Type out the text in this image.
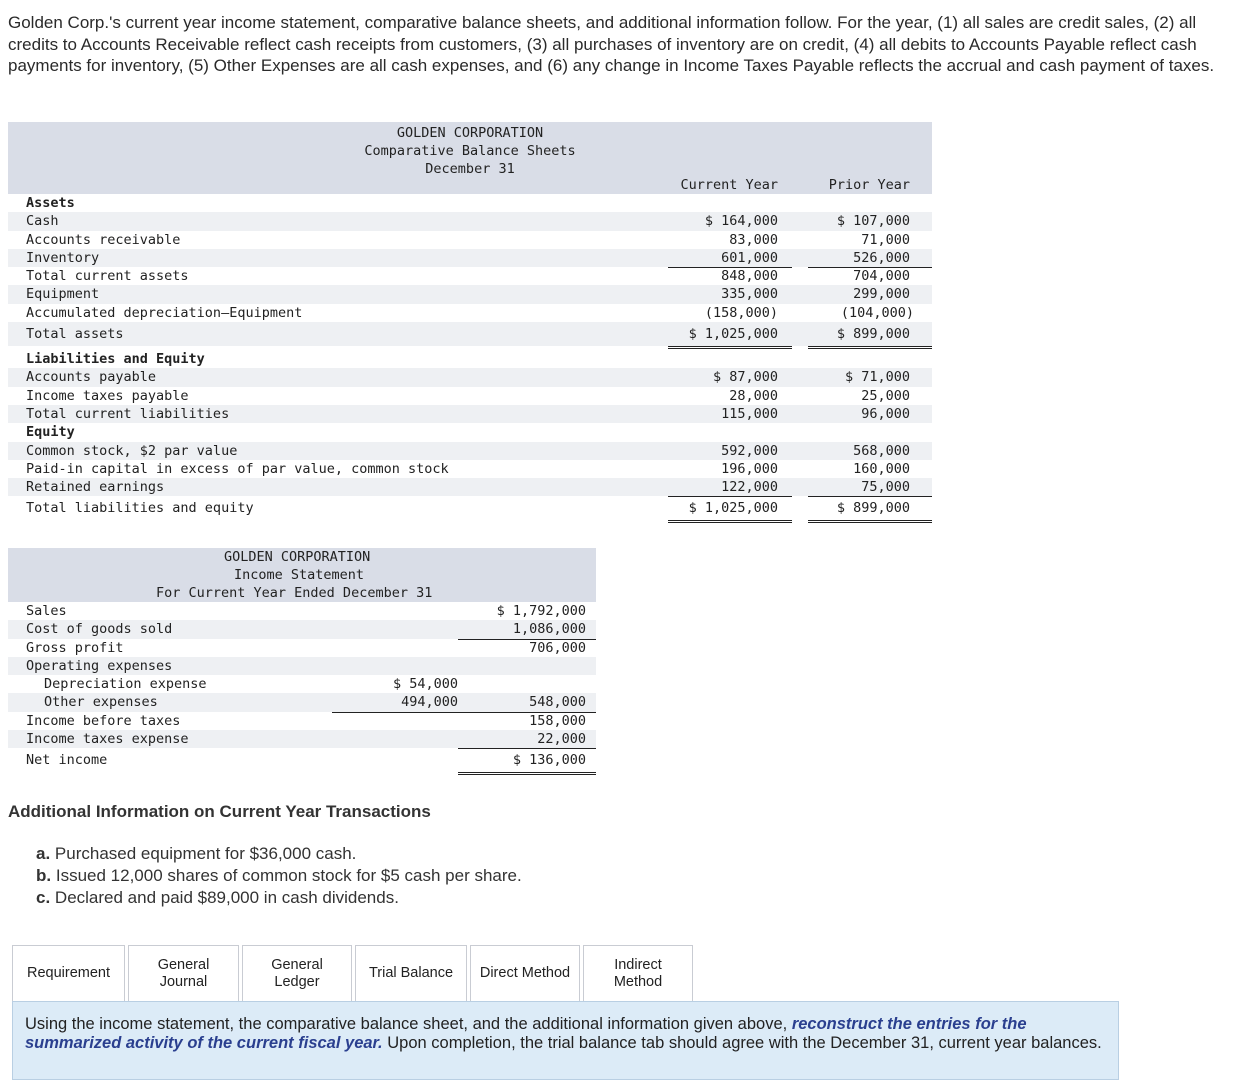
Golden Corp.'s current year income statement, comparative balance sheets, and additional information follow. For the year, (1) all sales are credit sales, (2) all credits to Accounts Receivable reflect cash receipts from customers, (3) all purchases of inventory are on credit, (4) all debits to Accounts Payable reflect cash payments for inventory, (5) Other Expenses are all cash expenses, and (6) any change in Income Taxes Payable reflects the accrual and cash payment of taxes.
GOLDEN CORPORATION
Comparative Balance Sheets
December 31
Current Year	Prior Year
Assets
Cash	$ 164,000	$ 107,000
Accounts receivable	83,000	71,000
Inventory	601,000	526,000
Total current assets	848,000	704,000
Equipment	335,000	299,000
Accumulated depreciation—Equipment	(158,000)	(104,000)
Total assets	$ 1,025,000	$ 899,000
Liabilities and Equity
Accounts payable	$ 87,000	$ 71,000
Income taxes payable	28,000	25,000
Total current liabilities	115,000	96,000
Equity
Common stock, $2 par value	592,000	568,000
Paid-in capital in excess of par value, common stock	196,000	160,000
Retained earnings	122,000	75,000
Total liabilities and equity	$ 1,025,000	$ 899,000
GOLDEN CORPORATION
Income Statement
For Current Year Ended December 31
Sales	$ 1,792,000
Cost of goods sold	1,086,000
Gross profit	706,000
Operating expenses
Depreciation expense	$ 54,000
Other expenses	494,000	548,000
Income before taxes	158,000
Income taxes expense	22,000
Net income	$ 136,000
Additional Information on Current Year Transactions
a. Purchased equipment for $36,000 cash.
b. Issued 12,000 shares of common stock for $5 cash per share.
c. Declared and paid $89,000 in cash dividends.
Requirement
General
Journal
General
Ledger
Trial Balance Direct Method
Indirect
Method
Using the income statement, the comparative balance sheet, and the additional information given above, reconstruct the entries for the summarized activity of the current fiscal year. Upon completion, the trial balance tab should agree with the December 31, current year balances.
